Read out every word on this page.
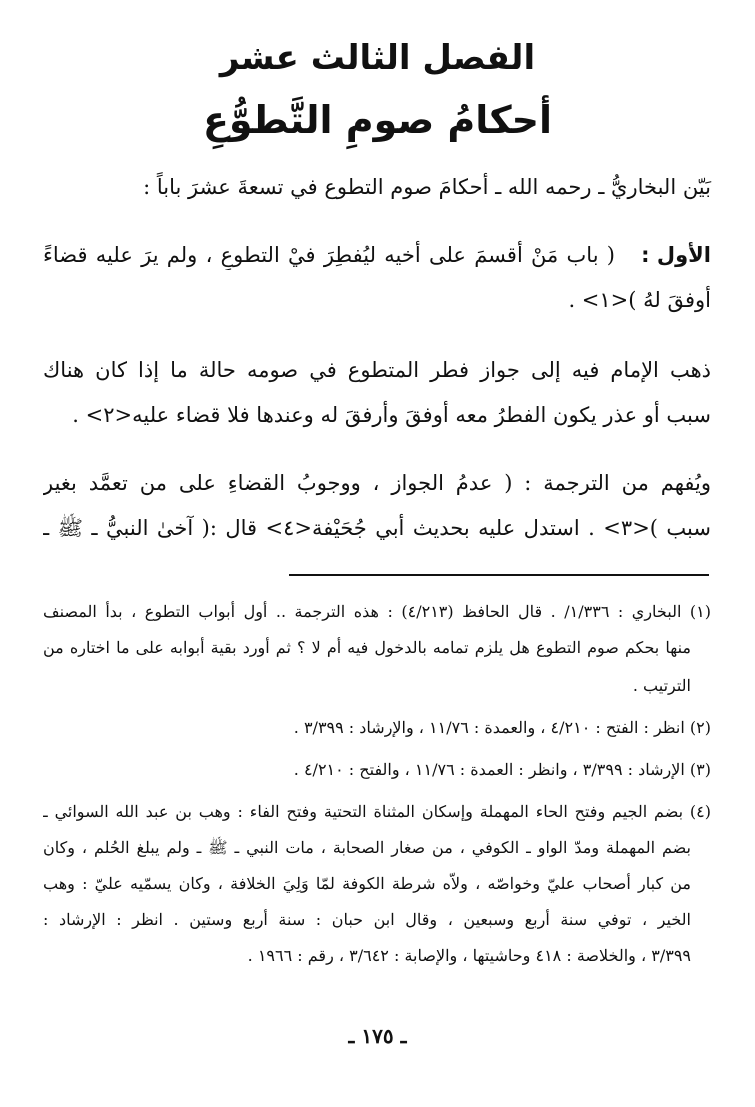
الفصل الثالث عشر
أحكامُ صومِ التَّطوُّعِ
بَيّن البخاريُّ ـ رحمه الله ـ أحكامَ صوم التطوع في تسعةَ عشرَ باباً :
الأول :
( باب مَنْ أقسمَ على أخيه ليُفطِرَ فيْ التطوعِ ، ولم يرَ عليه قضاءً
أوفقَ لهُ )<١> .
ذهب الإمام فيه إلى جواز فطر المتطوع في صومه حالة ما إذا كان هناك
سبب أو عذر يكون الفطرُ معه أوفقَ وأرفقَ له وعندها فلا قضاء عليه<٢> .
ويُفهم من الترجمة : ( عدمُ الجواز ، ووجوبُ القضاءِ على من تعمَّد بغير
سبب )<٣> . استدل عليه بحديث أبي جُحَيْفة<٤> قال :( آخىٰ النبيُّ ـ ﷺ ـ
(١) البخاري : ١/٣٣٦/ . قال الحافظ (٤/٢١٣) : هذه الترجمة .. أول أبواب التطوع ، بدأ المصنف
منها بحكم صوم التطوع هل يلزم تمامه بالدخول فيه أم لا ؟ ثم أورد بقية أبوابه على ما اختاره من
الترتيب .
(٢) انظر : الفتح : ٤/٢١٠ ، والعمدة : ١١/٧٦ ، والإرشاد : ٣/٣٩٩ .
(٣) الإرشاد : ٣/٣٩٩ ، وانظر : العمدة : ١١/٧٦ ، والفتح : ٤/٢١٠ .
(٤) بضم الجيم وفتح الحاء المهملة وإسكان المثناة التحتية وفتح الفاء : وهب بن عبد الله السوائي ـ
بضم المهملة ومدّ الواو ـ الكوفي ، من صغار الصحابة ، مات النبي ـ ﷺ ـ ولم يبلغ الحُلم ، وكان
من كبار أصحاب عليّ وخواصّه ، ولاّه شرطة الكوفة لمّا وَلِيَ الخلافة ، وكان يسمّيه عليّ : وهب
الخير ، توفي سنة أربع وسبعين ، وقال ابن حبان : سنة أربع وستين . انظر : الإرشاد :
٣/٣٩٩ ، والخلاصة : ٤١٨ وحاشيتها ، والإصابة : ٣/٦٤٢ ، رقم : ١٩٦٦ .
ـ ١٧٥ ـ
